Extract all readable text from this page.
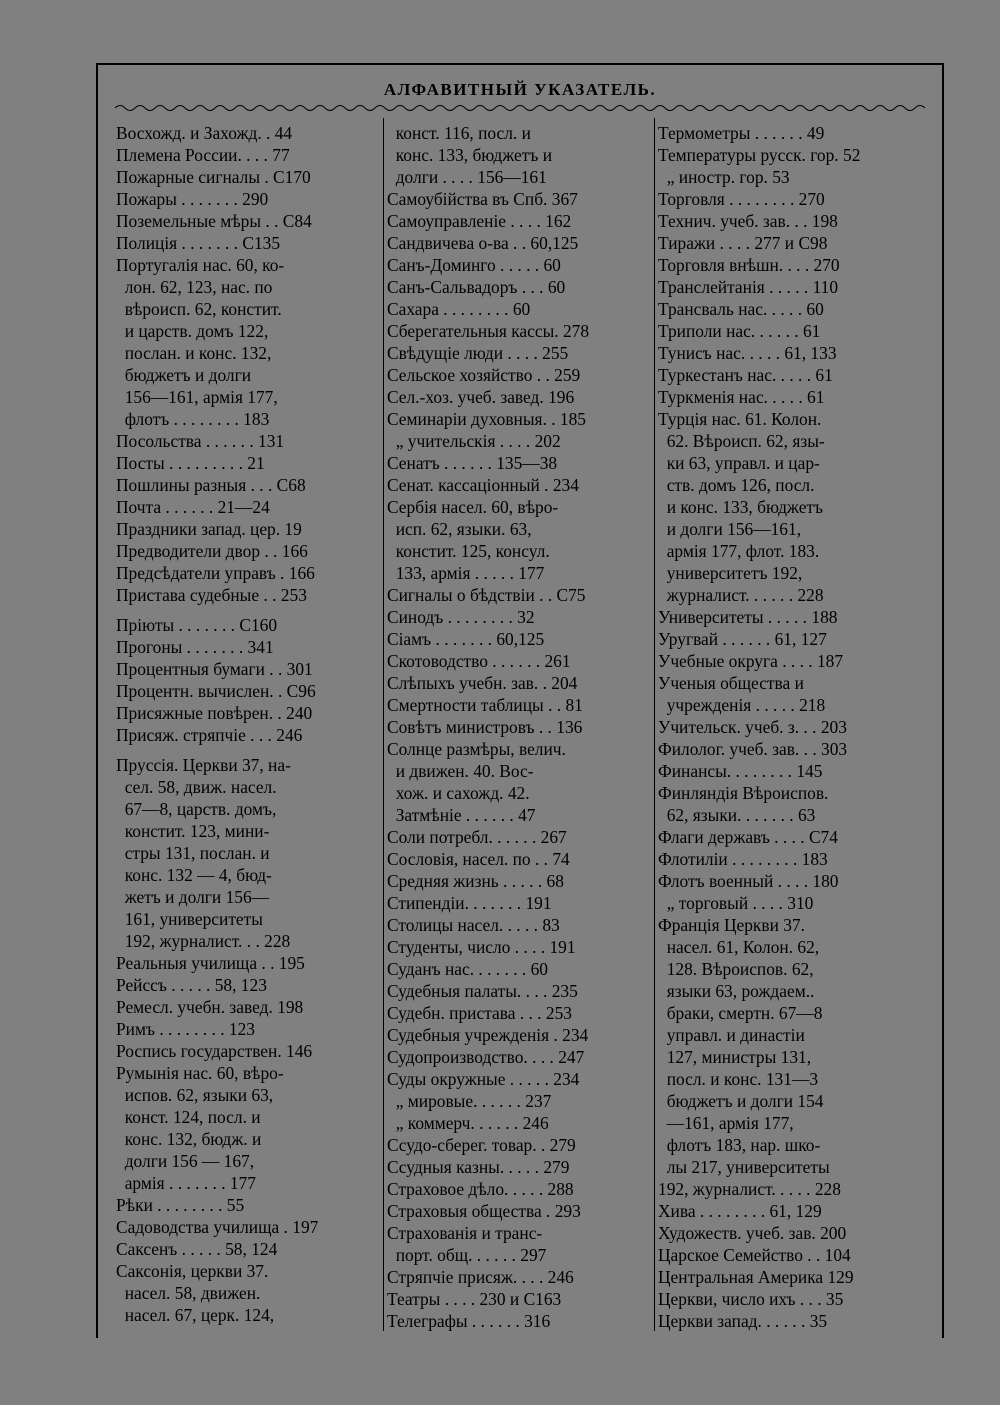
АЛФАВИТНЫЙ УКАЗАТЕЛЬ.
Восхожд. и Захожд. . 44
Племена России. . . . 77
Пожарные сигналы . С170
Пожары . . . . . . . 290
Поземельные мѣры . . С84
Полиція . . . . . . . С135
Португалія нас. 60, ко-
лон. 62, 123, нас. по
вѣроисп. 62, констит.
и царств. домъ 122,
послан. и конс. 132,
бюджетъ и долги
156—161, армія 177,
флотъ . . . . . . . . 183
Посольства . . . . . . 131
Посты . . . . . . . . . 21
Пошлины разныя . . . С68
Почта . . . . . . 21—24
Праздники запад. цер. 19
Предводители двор . . 166
Предсѣдатели управъ . 166
Пристава судебные . . 253
Пріюты . . . . . . . С160
Прогоны . . . . . . . 341
Процентныя бумаги . . 301
Процентн. вычислен. . С96
Присяжные повѣрен. . 240
Присяж. стряпчіе . . . 246
Пруссія. Церкви 37, на-
сел. 58, движ. насел.
67—8, царств. домъ,
констит. 123, мини-
стры 131, послан. и
конс. 132 — 4, бюд-
жетъ и долги 156—
161, университеты
192, журналист. . . 228
Реальныя училища . . 195
Рейссъ . . . . . 58, 123
Ремесл. учебн. завед. 198
Римъ . . . . . . . . 123
Роспись государствен. 146
Румынія нас. 60, вѣро-
испов. 62, языки 63,
конст. 124, посл. и
конс. 132, бюдж. и
долги 156 — 167,
армія . . . . . . . 177
Рѣки . . . . . . . . 55
Садоводства училища . 197
Саксенъ . . . . . 58, 124
Саксонія, церкви 37.
насел. 58, движен.
насел. 67, церк. 124,
конст. 116, посл. и
конс. 133, бюджетъ и
долги . . . . 156—161
Самоубійства въ Спб. 367
Самоуправленіе . . . . 162
Сандвичева о-ва . . 60,125
Санъ-Доминго . . . . . 60
Санъ-Сальвадоръ . . . 60
Сахара . . . . . . . . 60
Сберегательныя кассы. 278
Свѣдущіе люди . . . . 255
Сельское хозяйство . . 259
Сел.-хоз. учеб. завед. 196
Семинаріи духовныя. . 185
„ учительскія . . . . 202
Сенатъ . . . . . . 135—38
Сенат. кассаціонный . 234
Сербія насел. 60, вѣро-
исп. 62, языки. 63,
констит. 125, консул.
133, армія . . . . . 177
Сигналы о бѣдствіи . . С75
Синодъ . . . . . . . . 32
Сіамъ . . . . . . . 60,125
Скотоводство . . . . . . 261
Слѣпыхъ учебн. зав. . 204
Смертности таблицы . . 81
Совѣтъ министровъ . . 136
Солнце размѣры, велич.
и движен. 40. Вос-
хож. и сахожд. 42.
Затмѣніе . . . . . . 47
Соли потребл. . . . . . 267
Сословія, насел. по . . 74
Средняя жизнь . . . . . 68
Стипендіи. . . . . . . 191
Столицы насел. . . . . 83
Студенты, число . . . . 191
Суданъ нас. . . . . . . 60
Судебныя палаты. . . . 235
Судебн. пристава . . . 253
Судебныя учрежденія . 234
Судопроизводство. . . . 247
Суды окружные . . . . . 234
„ мировые. . . . . . 237
„ коммерч. . . . . . 246
Ссудо-сберег. товар. . 279
Ссудныя казны. . . . . 279
Страховое дѣло. . . . . 288
Страховыя общества . 293
Страхованія и транс-
порт. общ. . . . . . 297
Стряпчіе присяж. . . . 246
Театры . . . . 230 и С163
Телеграфы . . . . . . 316
Термометры . . . . . . 49
Температуры русск. гор. 52
„ иностр. гор. 53
Торговля . . . . . . . . 270
Технич. учеб. зав. . . 198
Тиражи . . . . 277 и С98
Торговля внѣшн. . . . 270
Транслейтанія . . . . . 110
Трансваль нас. . . . . 60
Триполи нас. . . . . . 61
Тунисъ нас. . . . . 61, 133
Туркестанъ нас. . . . . 61
Туркменія нас. . . . . 61
Турція нас. 61. Колон.
62. Вѣроисп. 62, язы-
ки 63, управл. и цар-
ств. домъ 126, посл.
и конс. 133, бюджетъ
и долги 156—161,
армія 177, флот. 183.
университетъ 192,
журналист. . . . . . 228
Университеты . . . . . 188
Уругвай . . . . . . 61, 127
Учебные округа . . . . 187
Ученыя общества и
учрежденія . . . . . 218
Учительск. учеб. з. . . 203
Филолог. учеб. зав. . . 303
Финансы. . . . . . . . 145
Финляндія Вѣроиспов.
62, языки. . . . . . . 63
Флаги державъ . . . . С74
Флотиліи . . . . . . . . 183
Флотъ военный . . . . 180
„ торговый . . . . 310
Франція Церкви 37.
насел. 61, Колон. 62,
128. Вѣроиспов. 62,
языки 63, рождаем..
браки, смертн. 67—8
управл. и династіи
127, министры 131,
посл. и конс. 131—3
бюджетъ и долги 154
—161, армія 177,
флотъ 183, нар. шко-
лы 217, университеты
192, журналист. . . . . 228
Хива . . . . . . . . 61, 129
Художеств. учеб. зав. 200
Царское Семейство . . 104
Центральная Америка 129
Церкви, число ихъ . . . 35
Церкви запад. . . . . . 35
